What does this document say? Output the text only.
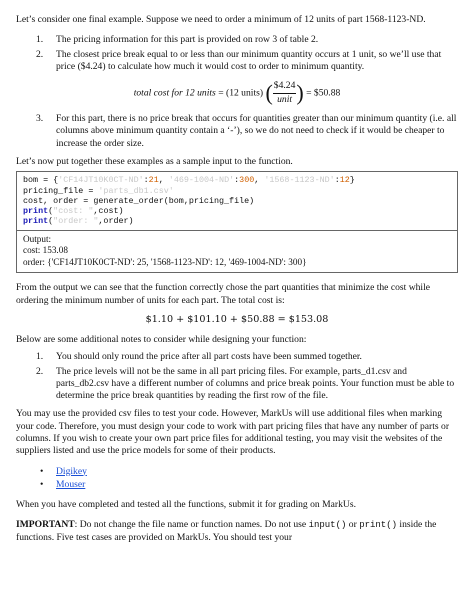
Let’s consider one final example. Suppose we need to order a minimum of 12 units of part 1568-1123-ND.

1. The pricing information for this part is provided on row 3 of table 2.
2. The closest price break equal to or less than our minimum quantity occurs at 1 unit, so we’ll use that price ($4.24) to calculate how much it would cost to order to minimum quantity.
total cost for 12 units = (12 units) ( $\frac{\$4.24}{\text{unit}}$ ) = $50.88
3. For this part, there is no price break that occurs for quantities greater than our minimum quantity (i.e. all columns above minimum quantity contain a ‘-’), so we do not need to check if it would be cheaper to increase the order size.

Let’s now put together these examples as a sample input to the function.

bom = {'CF14JT10K0CT-ND':21, '469-1004-ND':300, '1568-1123-ND':12}
pricing_file = 'parts_db1.csv'
cost, order = generate_order(bom,pricing_file)
print("cost: ",cost)
print("order: ",order)
Output:
cost: 153.08
order: {'CF14JT10K0CT-ND': 25, '1568-1123-ND': 12, '469-1004-ND': 300}

From the output we can see that the function correctly chose the part quantities that minimize the cost while ordering the minimum number of units for each part. The total cost is:

$1.10 + $101.10 + $50.88 = $153.08

Below are some additional notes to consider while designing your function:

1. You should only round the price after all part costs have been summed together.
2. The price levels will not be the same in all part pricing files. For example, parts_d1.csv and parts_db2.csv have a different number of columns and price break points. Your function must be able to determine the price break quantities by reading the first row of the file.

You may use the provided csv files to test your code. However, MarkUs will use additional files when marking your code. Therefore, you must design your code to work with part pricing files that have any number of parts or columns. If you wish to create your own part price files for additional testing, you may visit the websites of the suppliers listed and use the price models for some of their products.

• Digikey
• Mouser

When you have completed and tested all the functions, submit it for grading on MarkUs.

IMPORTANT: Do not change the file name or function names. Do not use input() or print() inside the functions. Five test cases are provided on MarkUs. You should test your
